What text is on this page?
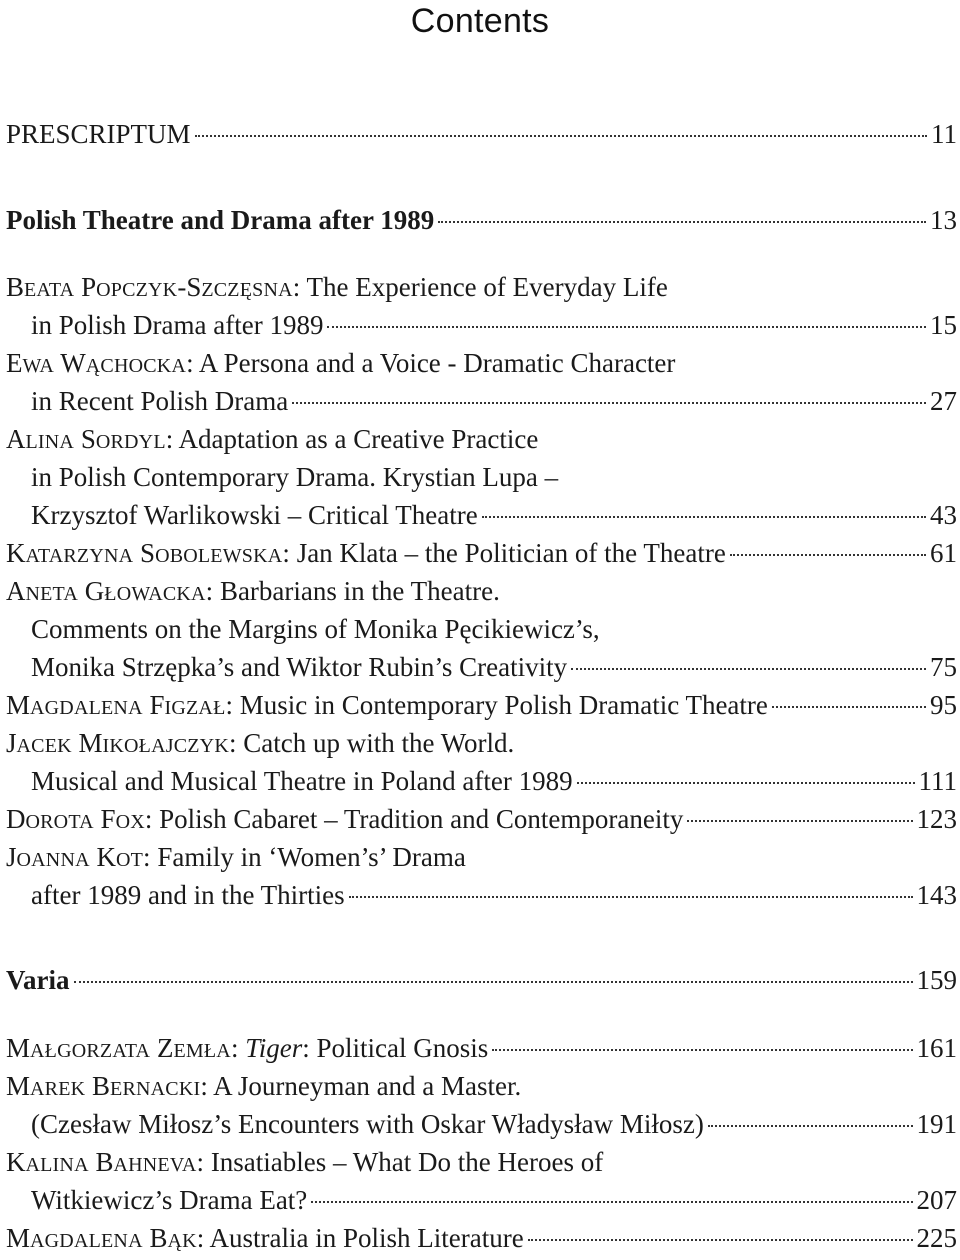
Contents
PRESCRIPTUM	11
Polish Theatre and Drama after 1989	13
BEATA POPCZYK-SZCZĘSNA: The Experience of Everyday Life
in Polish Drama after 1989	15
EWA WĄCHOCKA: A Persona and a Voice - Dramatic Character
in Recent Polish Drama	27
ALINA SORDYL: Adaptation as a Creative Practice
in Polish Contemporary Drama. Krystian Lupa –
Krzysztof Warlikowski – Critical Theatre	43
KATARZYNA SOBOLEWSKA: Jan Klata – the Politician of the Theatre	61
ANETA GŁOWACKA: Barbarians in the Theatre.
Comments on the Margins of Monika Pęcikiewicz’s,
Monika Strzępka’s and Wiktor Rubin’s Creativity	75
MAGDALENA FIGZAŁ: Music in Contemporary Polish Dramatic Theatre	95
JACEK MIKOŁAJCZYK: Catch up with the World.
Musical and Musical Theatre in Poland after 1989	111
DOROTA FOX: Polish Cabaret – Tradition and Contemporaneity	123
JOANNA KOT: Family in ‘Women’s’ Drama
after 1989 and in the Thirties	143
Varia	159
MAŁGORZATA ZEMŁA: Tiger: Political Gnosis	161
MAREK BERNACKI: A Journeyman and a Master.
(Czesław Miłosz’s Encounters with Oskar Władysław Miłosz)	191
KALINA BAHNEVA: Insatiables – What Do the Heroes of
Witkiewicz’s Drama Eat?	207
MAGDALENA BĄK: Australia in Polish Literature	225
